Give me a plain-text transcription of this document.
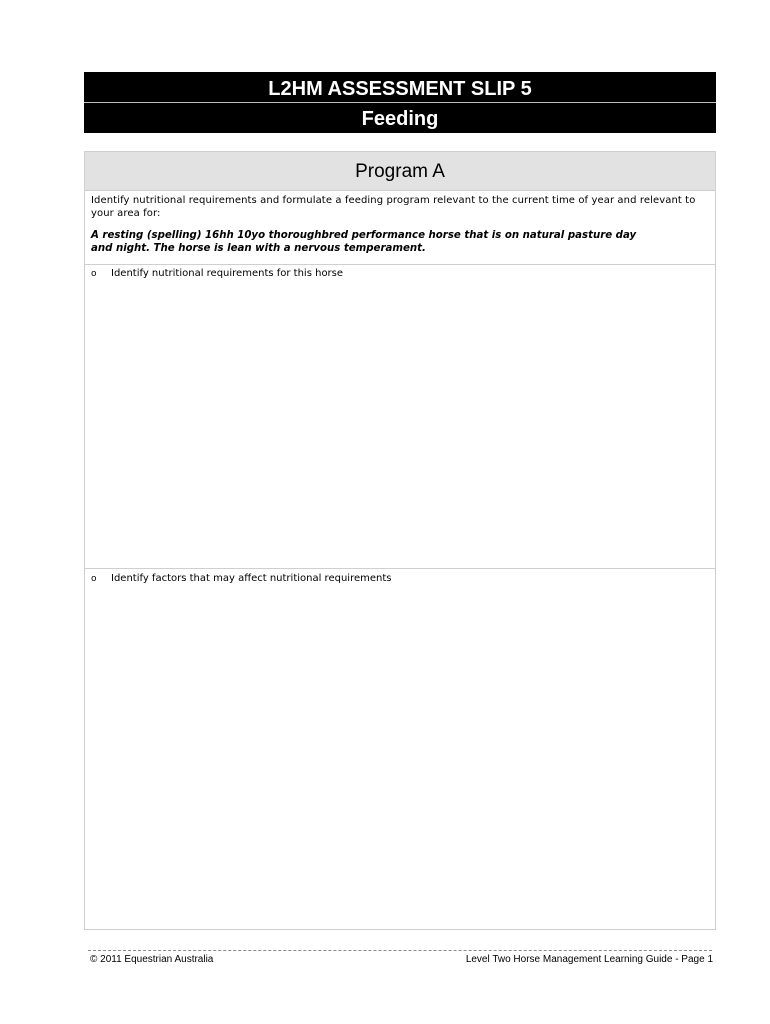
L2HM ASSESSMENT SLIP 5
Feeding
Program A
Identify nutritional requirements and formulate a feeding program relevant to the current time of year and relevant to your area for:
A resting (spelling) 16hh 10yo thoroughbred performance horse that is on natural pasture day
and night. The horse is lean with a nervous temperament.
o Identify nutritional requirements for this horse
o Identify factors that may affect nutritional requirements
© 2011 Equestrian Australia	Level Two Horse Management Learning Guide - Page 1
